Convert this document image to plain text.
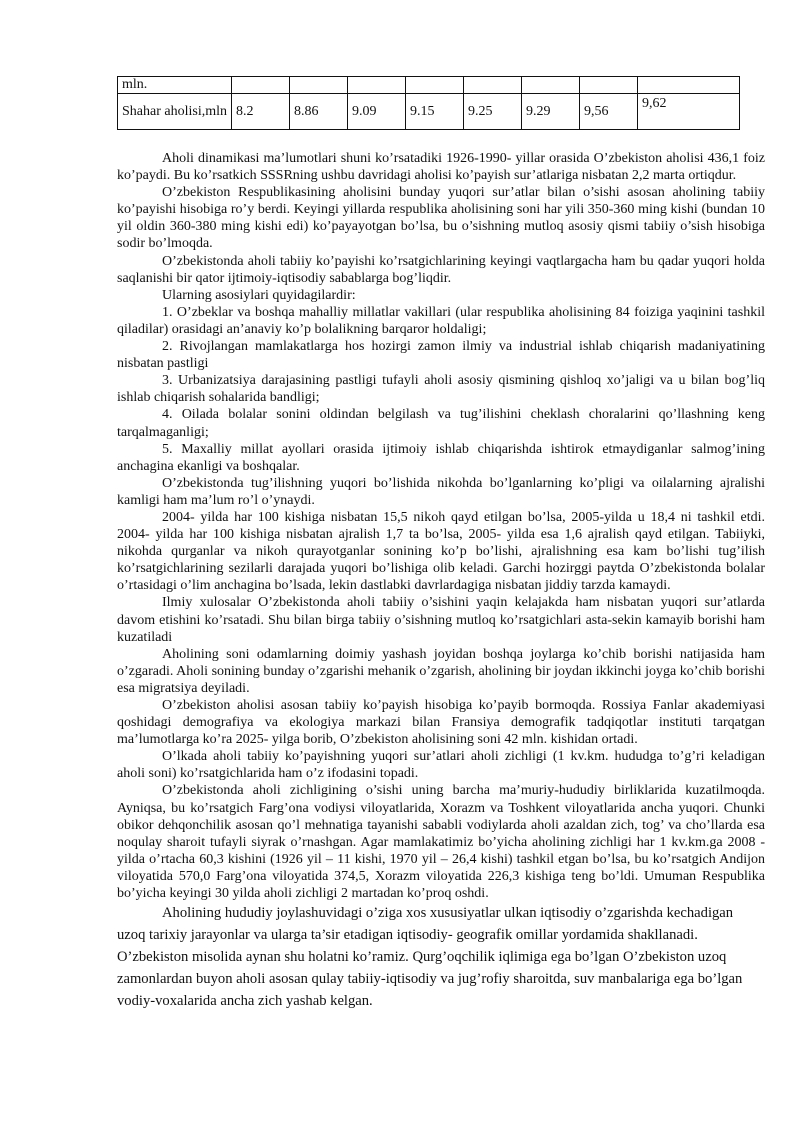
mln.								
Shahar aholisi,mln	8.2	8.86	9.09	9.15	9.25	9.29	9,56	9,62

Aholi dinamikasi ma’lumotlari shuni ko’rsatadiki 1926-1990- yillar orasida O’zbekiston aholisi 436,1 foiz ko’paydi. Bu ko’rsatkich SSSRning ushbu davridagi aholisi ko’payish sur’atlariga nisbatan 2,2 marta ortiqdur.

O’zbekiston Respublikasining aholisini bunday yuqori sur’atlar bilan o’sishi asosan aholining tabiiy ko’payishi hisobiga ro’y berdi. Keyingi yillarda respublika aholisining soni har yili 350-360 ming kishi (bundan 10 yil oldin 360-380 ming kishi edi) ko’payayotgan bo’lsa, bu o’sishning mutloq asosiy qismi tabiiy o’sish hisobiga sodir bo’lmoqda.

O’zbekistonda aholi tabiiy ko’payishi ko’rsatgichlarining keyingi vaqtlargacha ham bu qadar yuqori holda saqlanishi bir qator ijtimoiy-iqtisodiy sabablarga bog’liqdir.

Ularning asosiylari quyidagilardir:

1. O’zbeklar va boshqa mahalliy millatlar vakillari (ular respublika aholisining 84 foiziga yaqinini tashkil qiladilar) orasidagi an’anaviy ko’p bolalikning barqaror holdaligi;

2. Rivojlangan mamlakatlarga hos hozirgi zamon ilmiy va industrial ishlab chiqarish madaniyatining nisbatan pastligi

3. Urbanizatsiya darajasining pastligi tufayli aholi asosiy qismining qishloq xo’jaligi va u bilan bog’liq ishlab chiqarish sohalarida bandligi;

4. Oilada bolalar sonini oldindan belgilash va tug’ilishini cheklash choralarini qo’llashning keng tarqalmaganligi;

5. Maxalliy millat ayollari orasida ijtimoiy ishlab chiqarishda ishtirok etmaydiganlar salmog’ining anchagina ekanligi va boshqalar.

O’zbekistonda tug’ilishning yuqori bo’lishida nikohda bo’lganlarning ko’pligi va oilalarning ajralishi kamligi ham ma’lum ro’l o’ynaydi.

2004- yilda har 100 kishiga nisbatan 15,5 nikoh qayd etilgan bo’lsa, 2005-yilda u 18,4 ni tashkil etdi. 2004- yilda har 100 kishiga nisbatan ajralish 1,7 ta bo’lsa, 2005- yilda esa 1,6 ajralish qayd etilgan. Tabiiyki, nikohda qurganlar va nikoh qurayotganlar sonining ko’p bo’lishi, ajralishning esa kam bo’lishi tug’ilish ko’rsatgichlarining sezilarli darajada yuqori bo’lishiga olib keladi. Garchi hozirggi paytda O’zbekistonda bolalar o’rtasidagi o’lim anchagina bo’lsada, lekin dastlabki davrlardagiga nisbatan jiddiy tarzda kamaydi.

Ilmiy xulosalar O’zbekistonda aholi tabiiy o’sishini yaqin kelajakda ham nisbatan yuqori sur’atlarda davom etishini ko’rsatadi. Shu bilan birga tabiiy o’sishning mutloq ko’rsatgichlari asta-sekin kamayib borishi ham kuzatiladi

Aholining soni odamlarning doimiy yashash joyidan boshqa joylarga ko’chib borishi natijasida ham o’zgaradi. Aholi sonining bunday o’zgarishi mehanik o’zgarish, aholining bir joydan ikkinchi joyga ko’chib borishi esa migratsiya deyiladi.

O’zbekiston aholisi asosan tabiiy ko’payish hisobiga ko’payib bormoqda. Rossiya Fanlar akademiyasi qoshidagi demografiya va ekologiya markazi bilan Fransiya demografik tadqiqotlar instituti tarqatgan ma’lumotlarga ko’ra 2025- yilga borib, O’zbekiston aholisining soni 42 mln. kishidan ortadi.

O’lkada aholi tabiiy ko’payishning yuqori sur’atlari aholi zichligi (1 kv.km. hududga to’g’ri keladigan aholi soni) ko’rsatgichlarida ham o’z ifodasini topadi.

O’zbekistonda aholi zichligining o’sishi uning barcha ma’muriy-hududiy birliklarida kuzatilmoqda. Ayniqsa, bu ko’rsatgich Farg’ona vodiysi viloyatlarida, Xorazm va Toshkent viloyatlarida ancha yuqori. Chunki obikor dehqonchilik asosan qo’l mehnatiga tayanishi sababli vodiylarda aholi azaldan zich, tog’ va cho’llarda esa noqulay sharoit tufayli siyrak o’rnashgan. Agar mamlakatimiz bo’yicha aholining zichligi har 1 kv.km.ga 2008 -yilda o’rtacha 60,3 kishini (1926 yil – 11 kishi, 1970 yil – 26,4 kishi) tashkil etgan bo’lsa, bu ko’rsatgich Andijon viloyatida 570,0 Farg’ona viloyatida 374,5, Xorazm viloyatida 226,3 kishiga teng bo’ldi. Umuman Respublika bo’yicha keyingi 30 yilda aholi zichligi 2 martadan ko’proq oshdi.

Aholining hududiy joylashuvidagi o’ziga xos xususiyatlar ulkan iqtisodiy o’zgarishda kechadigan uzoq tarixiy jarayonlar va ularga ta’sir etadigan iqtisodiy- geografik omillar yordamida shakllanadi. O’zbekiston misolida aynan shu holatni ko’ramiz. Qurg’oqchilik iqlimiga ega bo’lgan O’zbekiston uzoq zamonlardan buyon aholi asosan qulay tabiiy-iqtisodiy va jug’rofiy sharoitda, suv manbalariga ega bo’lgan vodiy-voxalarida ancha zich yashab kelgan.
